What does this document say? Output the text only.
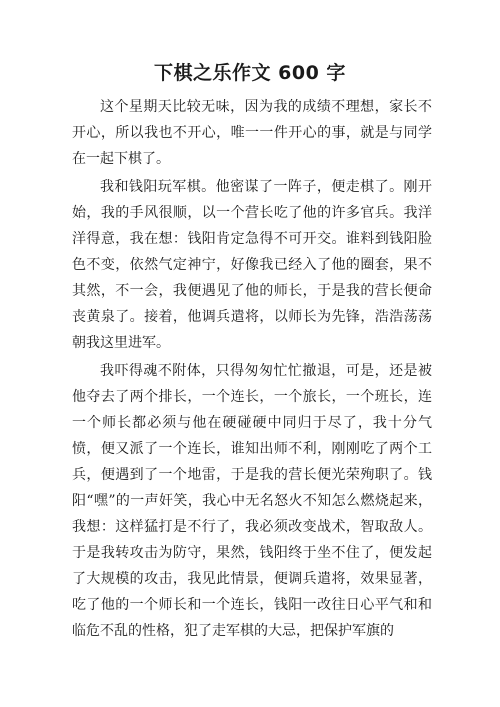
下棋之乐作文 600 字

这个星期天比较无味，因为我的成绩不理想，家长不开心，所以我也不开心，唯一一件开心的事，就是与同学在一起下棋了。

我和钱阳玩军棋。他密谋了一阵子，便走棋了。刚开始，我的手风很顺，以一个营长吃了他的许多官兵。我洋洋得意，我在想：钱阳肯定急得不可开交。谁料到钱阳脸色不变，依然气定神宁，好像我已经入了他的圈套，果不其然，不一会，我便遇见了他的师长，于是我的营长便命丧黄泉了。接着，他调兵遣将，以师长为先锋，浩浩荡荡朝我这里进军。

我吓得魂不附体，只得匆匆忙忙撤退，可是，还是被他夺去了两个排长，一个连长，一个旅长，一个班长，连一个师长都必须与他在硬碰硬中同归于尽了，我十分气愤，便又派了一个连长，谁知出师不利，刚刚吃了两个工兵，便遇到了一个地雷，于是我的营长便光荣殉职了。钱阳“嘿”的一声奸笑，我心中无名怒火不知怎么燃烧起来，我想：这样猛打是不行了，我必须改变战术，智取敌人。于是我转攻击为防守，果然，钱阳终于坐不住了，便发起了大规模的攻击，我见此情景，便调兵遣将，效果显著，吃了他的一个师长和一个连长，钱阳一改往日心平气和和临危不乱的性格，犯了走军棋的大忌，把保护军旗的
